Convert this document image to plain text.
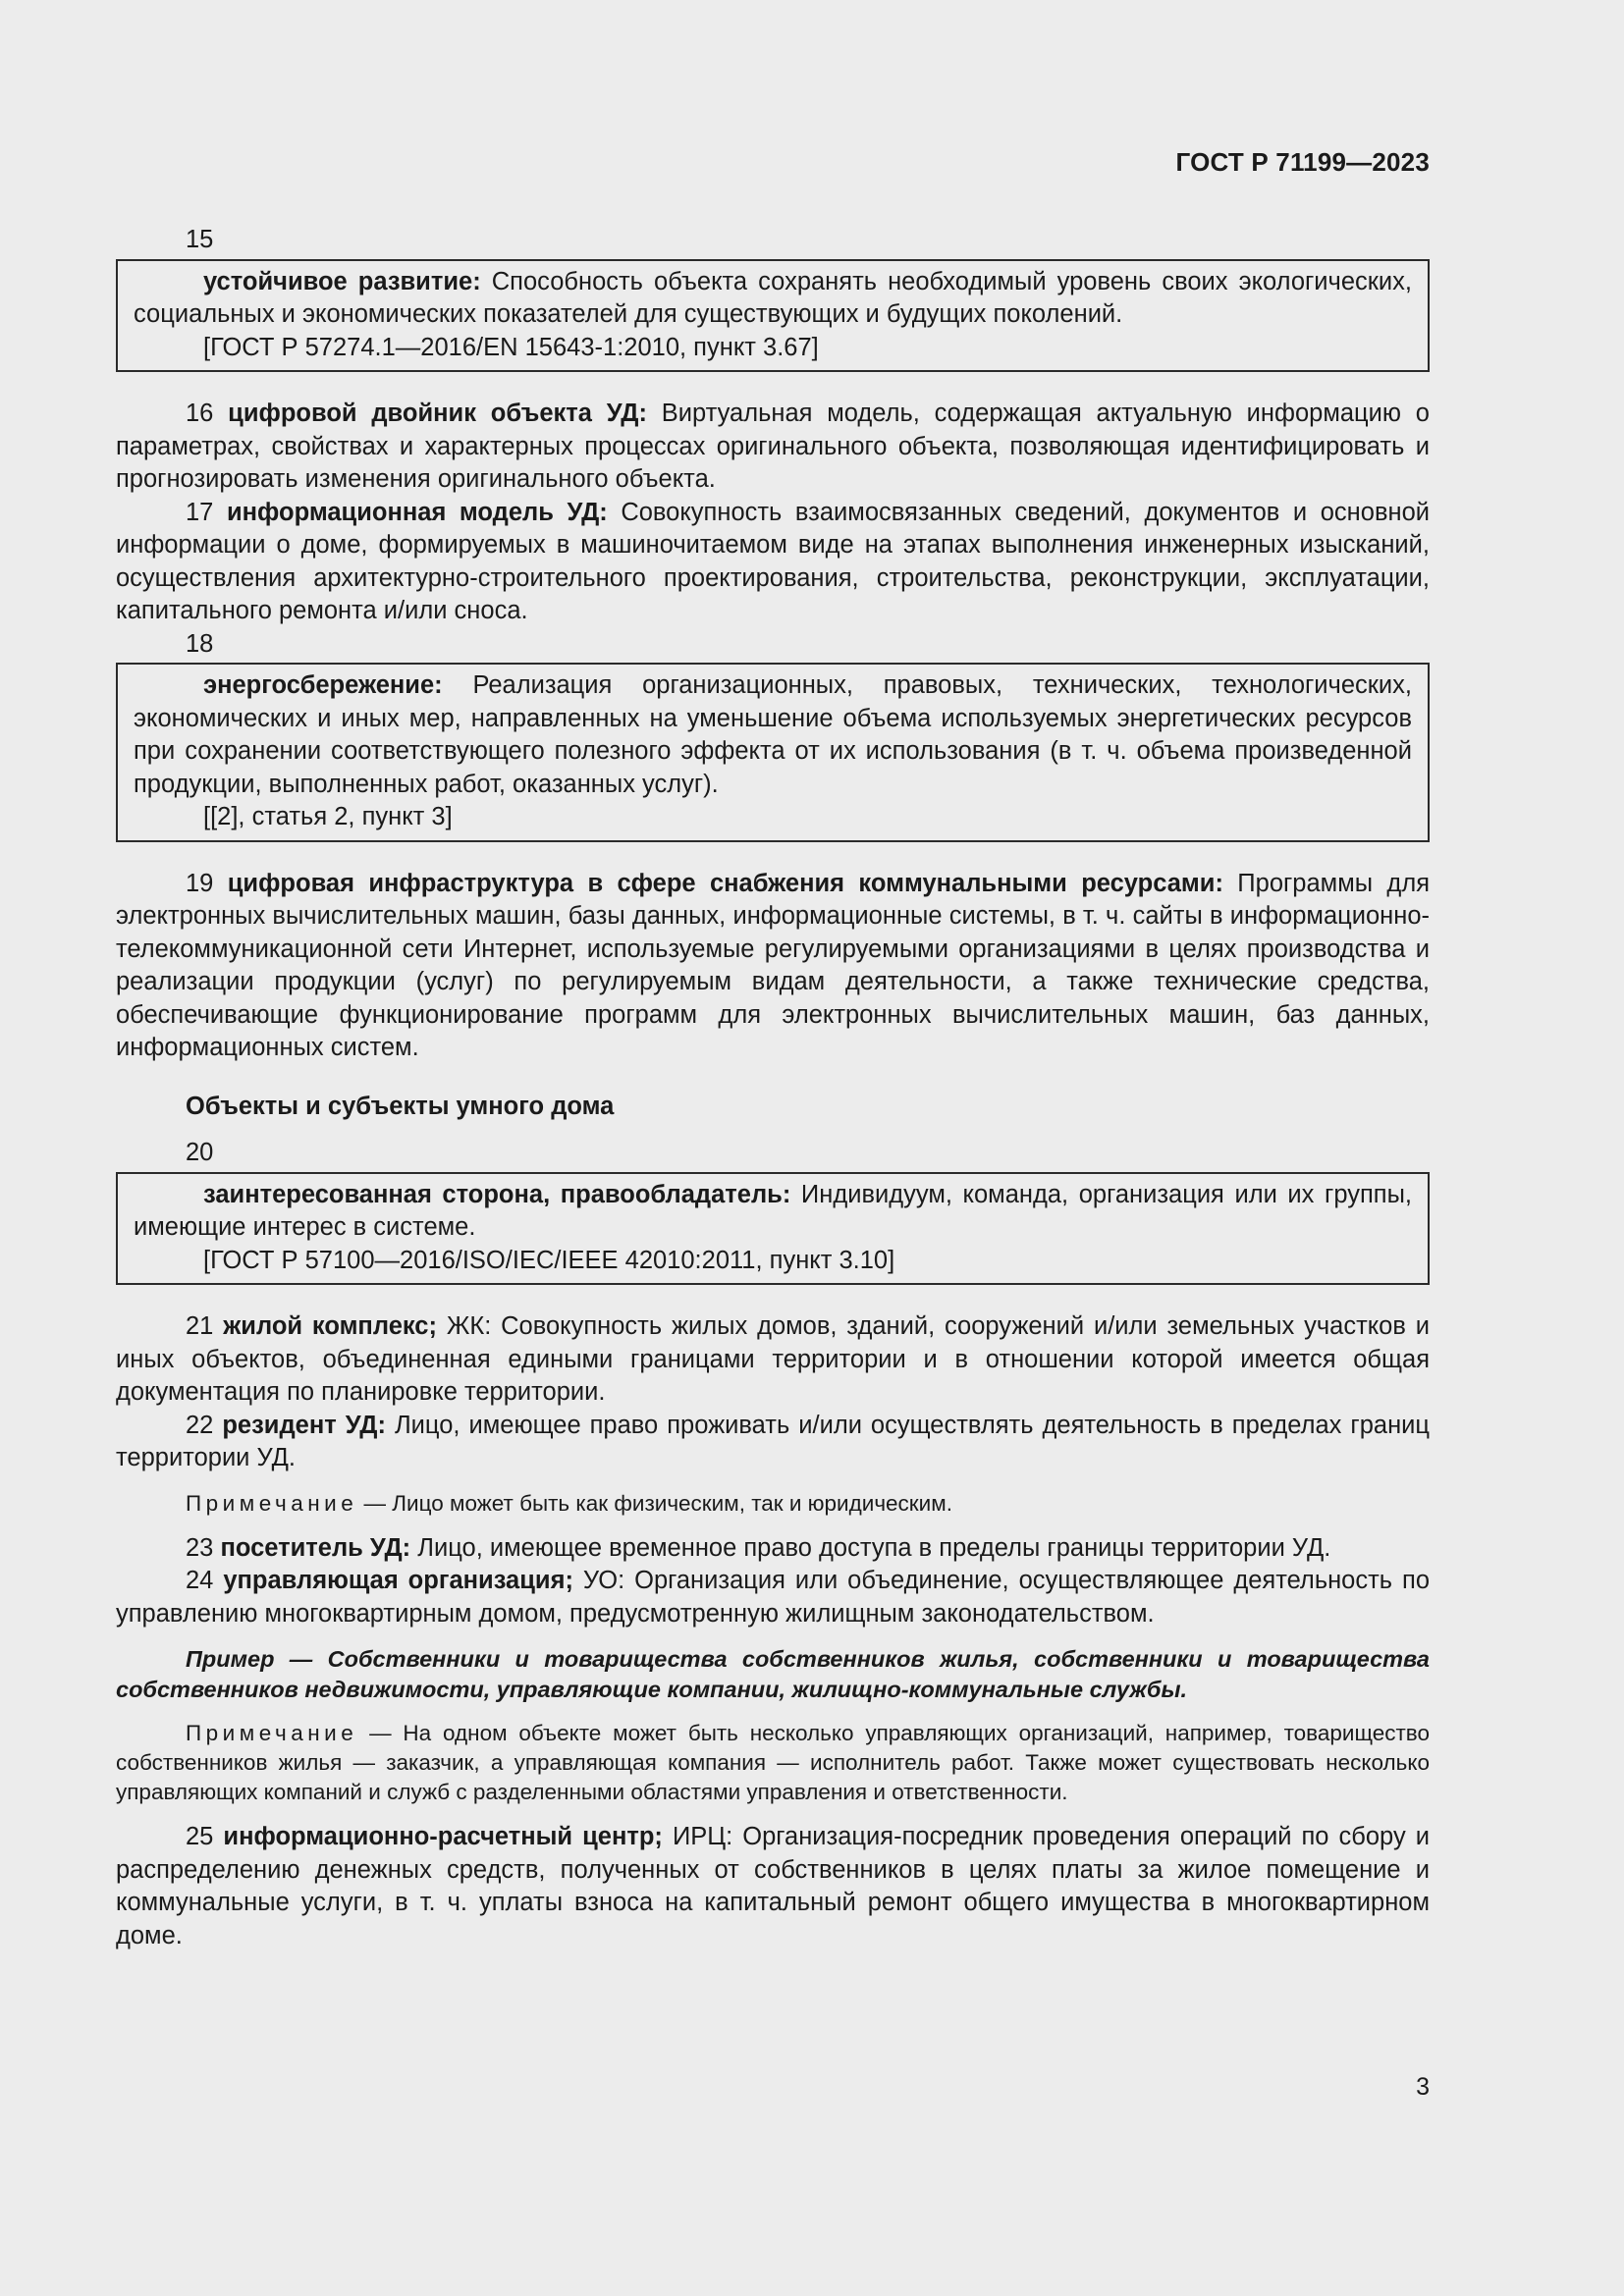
ГОСТ Р 71199—2023

15

устойчивое развитие: Способность объекта сохранять необходимый уровень своих экологических, социальных и экономических показателей для существующих и будущих поколений.

[ГОСТ Р 57274.1—2016/EN 15643-1:2010, пункт 3.67]

16 цифровой двойник объекта УД: Виртуальная модель, содержащая актуальную информацию о параметрах, свойствах и характерных процессах оригинального объекта, позволяющая идентифицировать и прогнозировать изменения оригинального объекта.

17 информационная модель УД: Совокупность взаимосвязанных сведений, документов и основной информации о доме, формируемых в машиночитаемом виде на этапах выполнения инженерных изысканий, осуществления архитектурно-строительного проектирования, строительства, реконструкции, эксплуатации, капитального ремонта и/или сноса.

18

энергосбережение: Реализация организационных, правовых, технических, технологических, экономических и иных мер, направленных на уменьшение объема используемых энергетических ресурсов при сохранении соответствующего полезного эффекта от их использования (в т. ч. объема произведенной продукции, выполненных работ, оказанных услуг).

[[2], статья 2, пункт 3]

19 цифровая инфраструктура в сфере снабжения коммунальными ресурсами: Программы для электронных вычислительных машин, базы данных, информационные системы, в т. ч. сайты в информационно-телекоммуникационной сети Интернет, используемые регулируемыми организациями в целях производства и реализации продукции (услуг) по регулируемым видам деятельности, а также технические средства, обеспечивающие функционирование программ для электронных вычислительных машин, баз данных, информационных систем.

Объекты и субъекты умного дома

20

заинтересованная сторона, правообладатель: Индивидуум, команда, организация или их группы, имеющие интерес в системе.

[ГОСТ Р 57100—2016/ISO/IEC/IEEE 42010:2011, пункт 3.10]

21 жилой комплекс; ЖК: Совокупность жилых домов, зданий, сооружений и/или земельных участков и иных объектов, объединенная едиными границами территории и в отношении которой имеется общая документация по планировке территории.

22 резидент УД: Лицо, имеющее право проживать и/или осуществлять деятельность в пределах границ территории УД.

Примечание — Лицо может быть как физическим, так и юридическим.

23 посетитель УД: Лицо, имеющее временное право доступа в пределы границы территории УД.

24 управляющая организация; УО: Организация или объединение, осуществляющее деятельность по управлению многоквартирным домом, предусмотренную жилищным законодательством.

Пример — Собственники и товарищества собственников жилья, собственники и товарищества собственников недвижимости, управляющие компании, жилищно-коммунальные службы.

Примечание — На одном объекте может быть несколько управляющих организаций, например, товарищество собственников жилья — заказчик, а управляющая компания — исполнитель работ. Также может существовать несколько управляющих компаний и служб с разделенными областями управления и ответственности.

25 информационно-расчетный центр; ИРЦ: Организация-посредник проведения операций по сбору и распределению денежных средств, полученных от собственников в целях платы за жилое помещение и коммунальные услуги, в т. ч. уплаты взноса на капитальный ремонт общего имущества в многоквартирном доме.

3
